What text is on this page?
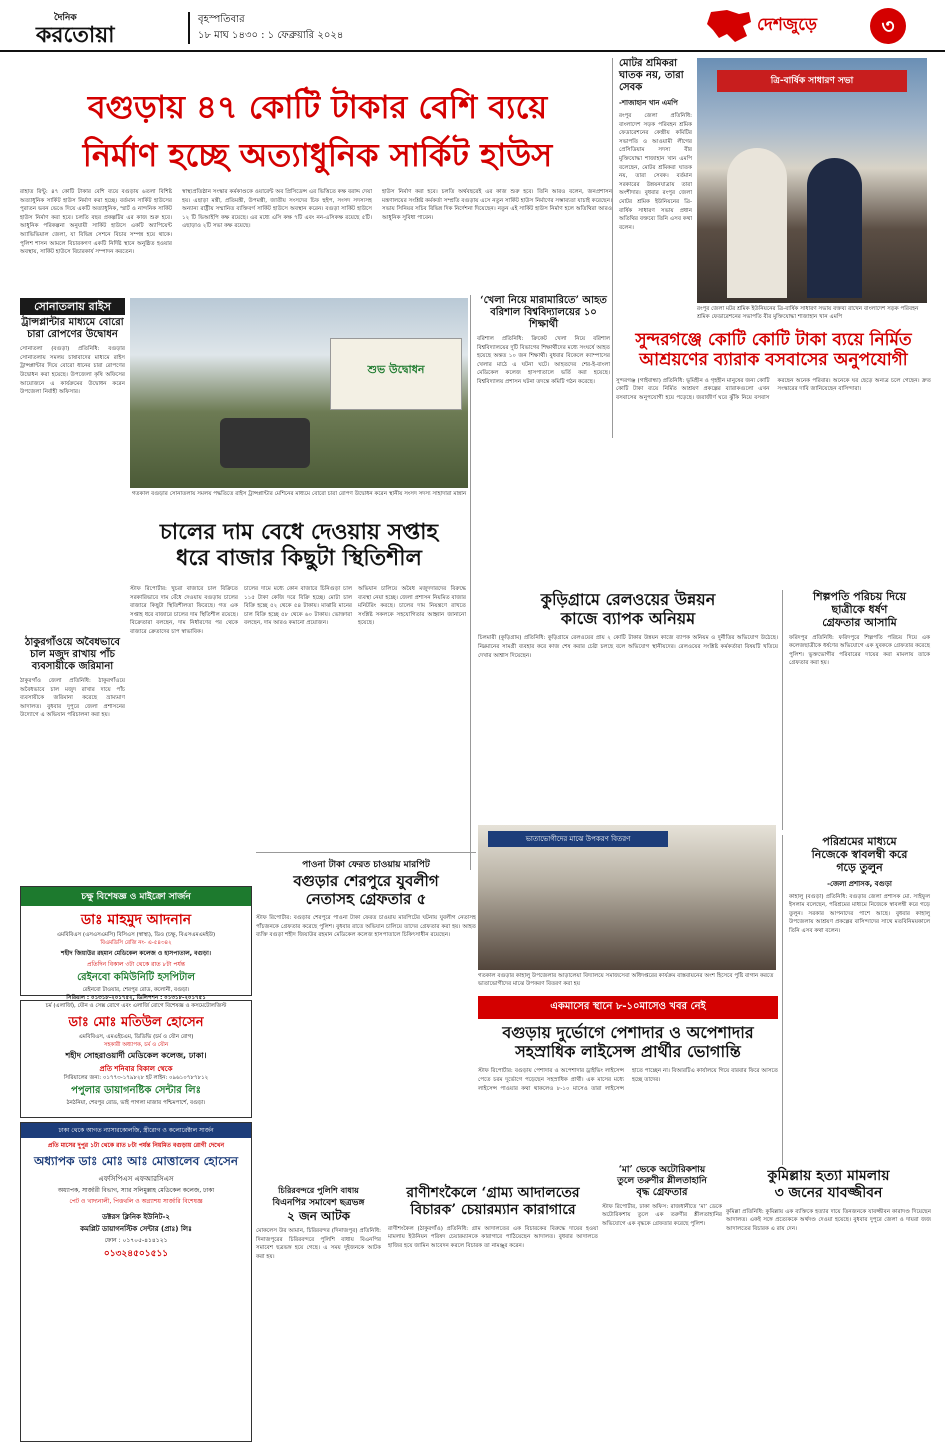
দৈনিক
করতোয়া
বৃহস্পতিবার
১৮ মাঘ ১৪৩০ : ১ ফেব্রুয়ারি ২০২৪
দেশজুড়ে	৩
বগুড়ায় ৪৭ কোটি টাকার বেশি ব্যয়ে
নির্মাণ হচ্ছে অত্যাধুনিক সার্কিট হাউস
রাহাত রিন্টু: ৪৭ কোটি টাকার বেশি ব্যয়ে বগুড়ায় ৬তলা বিশিষ্ট অত্যাধুনিক সার্কিট হাউস নির্মাণ করা হচ্ছে। বর্তমান সার্কিট হাউসের পুরাতন ভবন ভেঙে দিয়ে একটি অত্যাধুনিক, স্মার্ট ও নান্দনিক সার্কিট হাউস নির্মাণ করা হবে। চলতি বছর প্রকল্পটির এর কাজ শুরু হবে। আধুনিক পরিকল্পনা অনুযায়ী সার্কিট হাউসে একটি অ্যাপিয়েন্ট অ্যাভিভিয়াল জেলা, যা বিভিন্ন সেশনে বিচার সম্পন্ন হয়ে থাকে। পুলিশ শাসন আমলে বিচারকগণ একটি নির্দিষ্ট স্থানে অনুষ্ঠিত হওয়ার অবস্থায়, সার্কিট হাউসে বিচারকার্য সম্পাদন করতেন।
স্বাস্থ্যপ্রতিষ্ঠান সংস্কার কর্মকাণ্ডকে ওয়ারেন্ট অব প্রিসিডেন্স এর ভিত্তিতে কক্ষ বরাদ্দ দেয়া হয়। এছাড়া মন্ত্রী, প্রতিমন্ত্রী, উপমন্ত্রী, জাতীয় সংসদের চিফ হুইপ, সংসদ সদস্যসহ অন্যান্য রাষ্ট্রীয় সম্মানিত ব্যক্তিবর্গ সার্কিট হাউসে অবস্থান করেন। বগুড়া সার্কিট হাউসে ১২ টি ভিআইপি কক্ষ রয়েছে। এর মধ্যে এসি কক্ষ ৭টি এবং নন-এসিকক্ষ রয়েছে ৫টি। এছাড়াও ২টি সভা কক্ষ রয়েছে।
হাউস নির্মাণ করা হবে। চলতি অর্থবছরেই এর কাজ শুরু হবে। তিনি আরও বলেন, জনপ্রশাসন মন্ত্রণালয়ের সংশ্লিষ্ট কর্মকর্তা সম্প্রতি বগুড়ায় এসে নতুন সার্কিট হাউস নির্মাণের সম্ভাব্যতা যাচাই করেছেন। সভায় সিনিয়র সচিব বিভিন্ন দিক নির্দেশনা দিয়েছেন। নতুন এই সার্কিট হাউস নির্মাণ হলে অতিথিরা আরও আধুনিক সুবিধা পাবেন।
মোটর শ্রমিকরা ঘাতক নয়, তারা সেবক
-শাজাহান খান এমপি
রংপুর জেলা প্রতিনিধি: বাংলাদেশ সড়ক পরিবহন শ্রমিক ফেডারেশনের কেন্দ্রীয় কমিটির সভাপতি ও আওয়ামী লীগের প্রেসিডিয়াম সদস্য বীর মুক্তিযোদ্ধা শাজাহান খান এমপি বলেছেন, মোটর শ্রমিকরা ঘাতক নয়, তারা সেবক। বর্তমান সরকারের উন্নয়নযাত্রায় তারা অংশীদার। বুধবার রংপুর জেলা মোটর শ্রমিক ইউনিয়নের ত্রি-বার্ষিক সাধারণ সভায় প্রধান অতিথির বক্তব্যে তিনি এসব কথা বলেন।
ত্রি-বার্ষিক সাধারণ সভা
রংপুর জেলা মটর শ্রমিক ইউনিয়নের ত্রি-বার্ষিক সাধারণ সভায় বক্তব্য রাখেন বাংলাদেশ সড়ক পরিবহন শ্রমিক ফেডারেশনের সভাপতি বীর মুক্তিযোদ্ধা শাজাহান খান এমপি
‘খেলা নিয়ে মারামারিতে’ আহত বরিশাল বিশ্ববিদ্যালয়ের ১০ শিক্ষার্থী
বরিশাল প্রতিনিধি: ক্রিকেট খেলা নিয়ে বরিশাল বিশ্ববিদ্যালয়ের দুটি বিভাগের শিক্ষার্থীদের মধ্যে সংঘর্ষে আহত হয়েছে অন্তত ১০ জন শিক্ষার্থী। বুধবার বিকেলে ক্যাম্পাসের খেলার মাঠে এ ঘটনা ঘটে। আহতদের শের-ই-বাংলা মেডিকেল কলেজ হাসপাতালে ভর্তি করা হয়েছে। বিশ্ববিদ্যালয় প্রশাসন ঘটনা তদন্তে কমিটি গঠন করেছে।
সুন্দরগঞ্জে কোটি কোটি টাকা ব্যয়ে নির্মিত
আশ্রয়ণের ব্যারাক বসবাসের অনুপযোগী
সুন্দরগঞ্জ (গাইবান্ধা) প্রতিনিধি: ভূমিহীন ও গৃহহীন মানুষের জন্য কোটি কোটি টাকা ব্যয়ে নির্মিত আশ্রয়ণ প্রকল্পের ব্যারাকগুলো এখন বসবাসের অনুপযোগী হয়ে পড়েছে। জরাজীর্ণ ঘরে ঝুঁকি নিয়ে বসবাস করছেন অনেক পরিবার। অনেকে ঘর ছেড়ে অন্যত্র চলে গেছেন। দ্রুত সংস্কারের দাবি জানিয়েছেন বাসিন্দারা।
সোনাতলায় রাইস
ট্রান্সপ্লান্টার মাধ্যমে বোরো চারা রোপণের উদ্বোধন
সোনাতলা (বগুড়া) প্রতিনিধি: বগুড়ার সোনাতলায় সমলয় চাষাবাদের মাধ্যমে রাইস ট্রান্সপ্লান্টার দিয়ে বোরো ধানের চারা রোপণের উদ্বোধন করা হয়েছে। উপজেলা কৃষি অফিসের আয়োজনে এ কার্যক্রমের উদ্বোধন করেন উপজেলা নির্বাহী অফিসার।
শুভ উদ্বোধন
গতকাল বগুড়ার সোনাতলায় সমলয় পদ্ধতিতে রাইস ট্রান্সপ্লান্টার মেশিনের মাধ্যমে বোরো চারা রোপণ উদ্বোধন করেন স্থানীয় সংসদ সদস্য সাহাদারা মান্নান
ঠাকুরগাঁওয়ে অবৈধভাবে চাল মজুদ রাখায় পাঁচ ব্যবসায়ীকে জরিমানা
ঠাকুরগাঁও জেলা প্রতিনিধি: ঠাকুরগাঁওয়ে অবৈধভাবে চাল মজুদ রাখার দায়ে পাঁচ ব্যবসায়ীকে জরিমানা করেছে ভ্রাম্যমাণ আদালত। বুধবার দুপুরে জেলা প্রশাসনের উদ্যোগে এ অভিযান পরিচালনা করা হয়।
চালের দাম বেধে দেওয়ায় সপ্তাহ
ধরে বাজার কিছুটা স্থিতিশীল
স্টাফ রিপোর্টার: খুচরা বাজারে চাল বিক্রিতে সরকারিভাবে দাম বেঁধে দেওয়ায় বগুড়ায় চালের বাজারে কিছুটা স্থিতিশীলতা ফিরেছে। গত এক সপ্তাহ ধরে বাজারে চালের দাম স্থিতিশীল রয়েছে। বিক্রেতারা বলছেন, দাম নির্ধারণের পর থেকে বাজারে ক্রেতাদের চাপ স্বাভাবিক।
চালের দামে মধ্যে কোন বাজারে চিনিগুড়া চাল ১১৫ টাকা কেজি দরে বিক্রি হচ্ছে। মোটা চাল বিক্রি হচ্ছে ৫২ থেকে ৫৪ টাকায়। মাঝারি মানের চাল বিক্রি হচ্ছে ৫৮ থেকে ৬০ টাকায়। ভোক্তারা বলছেন, দাম আরও কমানো প্রয়োজন।
অভিযান চালিয়ে অবৈধ মজুদদারদের বিরুদ্ধে ব্যবস্থা নেয়া হচ্ছে। জেলা প্রশাসন নিয়মিত বাজার মনিটরিং করছে। চালের দাম নিয়ন্ত্রণে রাখতে সংশ্লিষ্ট সকলকে সহযোগিতার আহ্বান জানানো হয়েছে।
কুড়িগ্রামে রেলওয়ের উন্নয়ন
কাজে ব্যাপক অনিয়ম
চিলমারী (কুড়িগ্রাম) প্রতিনিধি: কুড়িগ্রামে রেলওয়ের প্রায় ২ কোটি টাকার উন্নয়ন কাজে ব্যাপক অনিয়ম ও দুর্নীতির অভিযোগ উঠেছে। নিম্নমানের সামগ্রী ব্যবহার করে কাজ শেষ করার চেষ্টা চলছে বলে অভিযোগ স্থানীয়দের। রেলওয়ের সংশ্লিষ্ট কর্মকর্তারা বিষয়টি খতিয়ে দেখার আশ্বাস দিয়েছেন।
ভাতাভোগীদের মাঝে উপকরণ বিতরণ
গতকাল বগুড়ার কাহালু উপজেলার আড়ালেয়া বিদ্যালয়ে সমাজসেবা অধিদপ্তরের কার্যক্রম বাস্তবায়নের অংশ হিসেবে পুষ্টি বাগান করতে ভাতাভোগীদের মাঝে উপকরণ বিতরণ করা হয়
শিল্পপতি পরিচয় দিয়ে
ছাত্রীকে ধর্ষণ
গ্রেফতার আসামি
ফরিদপুর প্রতিনিধি: ফরিদপুরে শিল্পপতি পরিচয় দিয়ে এক কলেজছাত্রীকে ধর্ষণের অভিযোগে এক যুবককে গ্রেফতার করেছে পুলিশ। ভুক্তভোগীর পরিবারের দায়ের করা মামলায় তাকে গ্রেফতার করা হয়।
পরিশ্রমের মাধ্যমে
নিজেকে স্বাবলম্বী করে
গড়ে তুলুন
-জেলা প্রশাসক, বগুড়া
কাহালু (বগুড়া) প্রতিনিধি: বগুড়ার জেলা প্রশাসক মো. সাইফুল ইসলাম বলেছেন, পরিশ্রমের মাধ্যমে নিজেকে স্বাবলম্বী করে গড়ে তুলুন। সরকার আপনাদের পাশে আছে। বুধবার কাহালু উপজেলায় আশ্রয়ণ প্রকল্পের বাসিন্দাদের সাথে মতবিনিময়কালে তিনি এসব কথা বলেন।
পাওনা টাকা ফেরত চাওয়ায় মারপিট
বগুড়ার শেরপুরে যুবলীগ
নেতাসহ গ্রেফতার ৫
স্টাফ রিপোর্টার: বগুড়ার শেরপুরে পাওনা টাকা ফেরত চাওয়ায় মারপিটের ঘটনায় যুবলীগ নেতাসহ পাঁচজনকে গ্রেফতার করেছে পুলিশ। বুধবার রাতে অভিযান চালিয়ে তাদের গ্রেফতার করা হয়। আহত ব্যক্তি বগুড়া শহীদ জিয়াউর রহমান মেডিকেল কলেজ হাসপাতালে চিকিৎসাধীন রয়েছেন।
একমাসের স্থানে ৮-১০মাসেও খবর নেই
বগুড়ায় দুর্ভোগে পেশাদার ও অপেশাদার
সহস্রাধিক লাইসেন্স প্রার্থীর ভোগান্তি
স্টাফ রিপোর্টার: বগুড়ায় পেশাদার ও অপেশাদার ড্রাইভিং লাইসেন্স পেতে চরম দুর্ভোগে পড়েছেন সহস্রাধিক প্রার্থী। এক মাসের মধ্যে লাইসেন্স পাওয়ার কথা থাকলেও ৮-১০ মাসেও তারা লাইসেন্স হাতে পাচ্ছেন না। বিআরটিএ কার্যালয়ে গিয়ে বারবার ফিরে আসতে হচ্ছে তাদের।
চক্ষু বিশেষজ্ঞ ও মাইক্রো সার্জন
ডাঃ মাহমুদ আদনান
এমবিবিএস (এসএসএমসি) বিসিএস (স্বাস্থ্য), ডিও (চক্ষু, বিএসএমএমইউ)
বিএমডিসি রেজি নং- এ-৫৪৩৪২
শহীদ জিয়াউর রহমান মেডিকেল কলেজ ও হাসপাতাল, বগুড়া।
প্রতিদিন বিকাল ৩টা থেকে রাত ৮টা পর্যন্ত
রেইনবো কমিউনিটি হসপিটাল
রেইনবো টাওয়ার, শেরপুর রোড, কলোনী, বগুড়া।
সিরিয়াল : ০১৩১৮-২০১৭৫২, ডিলিপশন : ০১৩১৮-২০১৭৫১
চর্ম (এলার্জি), যৌন ও সেক্স রোগে এবং এলাৰ্জি রোগে বিশেষজ্ঞ ও কসমেটোলজিস্ট
ডাঃ মোঃ মতিউল হোসেন
এমবিবিএস, এমএইচএম, ডিডিভি (চর্ম ও যৌন রোগ)
সহকারী অধ্যাপক, চর্ম ও যৌন
শহীদ সোহরাওয়ার্দী মেডিকেল কলেজ, ঢাকা।
প্রতি শনিবার বিকাল থেকে
সিরিয়ালের জন্য: ০১৭৭৩-১৭৯৮২৮ হট লাইন: ০৯৬১০৭৮৭৮১২
পপুলার ডায়াগনষ্টিক সেন্টার লিঃ
ঠনঠনিয়া, শেরপুর রোড, ভাই পাগলা মাজার পশ্চিমপার্শে, বগুড়া।
ঢাকা থেকে আগত ন্যাসারকোলজি, স্ত্রীরোগ ও কলোরেক্টাল সার্জন
প্রতি মাসের দুপুর ১টা থেকে রাত ৮টা পর্যন্ত নিয়মিত বগুড়ায় রোগী দেখেন
অধ্যাপক ডাঃ মোঃ আঃ মোত্তালেব হোসেন
এফসিপিএস এফআরসিএস
অধ্যাপক, সার্জারী বিভাগ, স্যার সলিমুল্লাহ মেডিকেল কলেজ, ঢাকা
পেট ও খাদ্যনালী, পিত্তথলি ও অগ্ন্যাশয় সার্জারি বিশেষজ্ঞ
ডক্টরস ক্লিনিক ইউনিট-২
কমপ্লিট ডায়াগনস্টিক সেন্টার (প্রাঃ) লিঃ
ফোন : ০১৭০৫-৪১৪১২১
০১৩২৪৫০১৫১১
চিরিরবন্দরে পুলিশি বাধায়
বিএনপির সমাবেশ ছত্রভঙ্গ
২ জন আটক
মোকলেস উর আমান, চিরিরবন্দর (দিনাজপুর) প্রতিনিধি: দিনাজপুরের চিরিরবন্দরে পুলিশি বাধায় বিএনপির সমাবেশ ছত্রভঙ্গ হয়ে গেছে। এ সময় দুইজনকে আটক করা হয়।
রাণীশংকৈলে ‘গ্রাম্য আদালতের
বিচারক’ চেয়ারম্যান কারাগারে
রাণীশংকৈল (ঠাকুরগাঁও) প্রতিনিধি: গ্রাম আদালতের এক বিচারকের বিরুদ্ধে দায়ের হওয়া মামলায় ইউনিয়ন পরিষদ চেয়ারম্যানকে কারাগারে পাঠিয়েছেন আদালত। বুধবার আদালতে হাজির হয়ে জামিন আবেদন করলে বিচারক তা নামঞ্জুর করেন।
‘মা’ ভেকে অটোরিকশায়
তুলে তরুণীর শ্লীলতাহানি
বৃদ্ধ গ্রেফতার
স্টাফ রিপোর্টার, ঢাকা অফিস: রাজধানীতে ‘মা’ ডেকে অটোরিকশায় তুলে এক তরুণীর শ্লীলতাহানির অভিযোগে এক বৃদ্ধকে গ্রেফতার করেছে পুলিশ।
কুমিল্লায় হত্যা মামলায়
৩ জনের যাবজ্জীবন
কুমিল্লা প্রতিনিধি: কুমিল্লায় এক ব্যক্তিকে হত্যার দায়ে তিনজনকে যাবজ্জীবন কারাদণ্ড দিয়েছেন আদালত। একই সঙ্গে প্রত্যেককে অর্থদণ্ড দেওয়া হয়েছে। বুধবার দুপুরে জেলা ও দায়রা জজ আদালতের বিচারক এ রায় দেন।
